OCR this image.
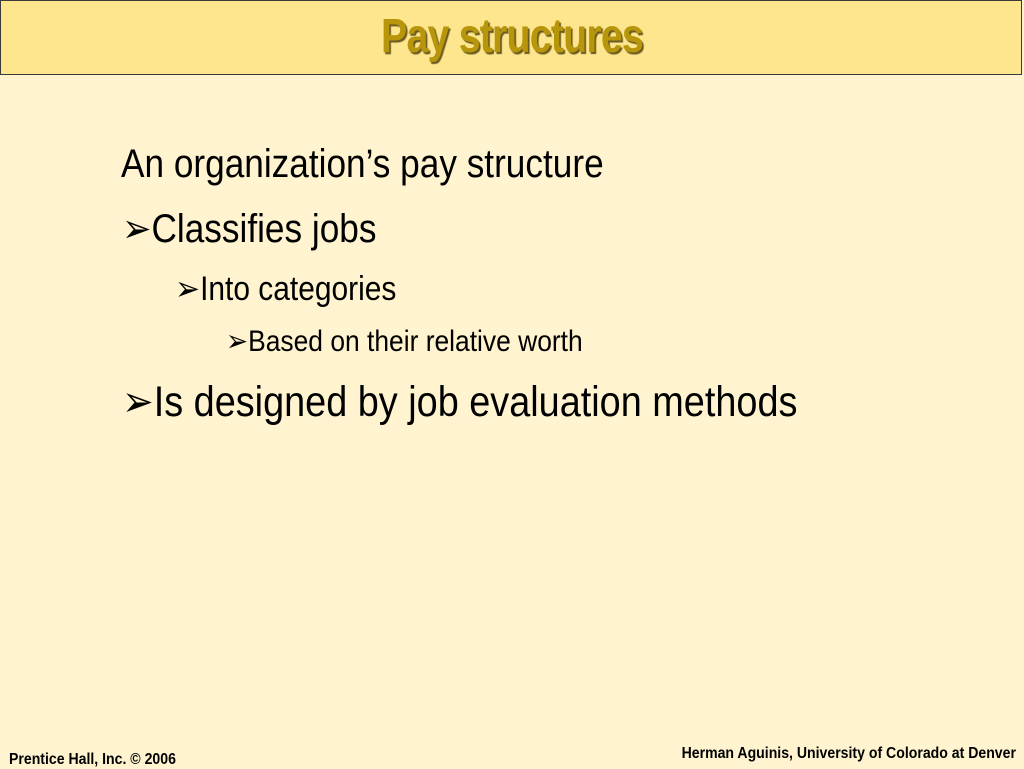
Pay structures
An organization’s pay structure
➢Classifies jobs
➢Into categories
➢Based on their relative worth
➢Is designed by job evaluation methods
Prentice Hall, Inc. © 2006	Herman Aguinis, University of Colorado at Denver
